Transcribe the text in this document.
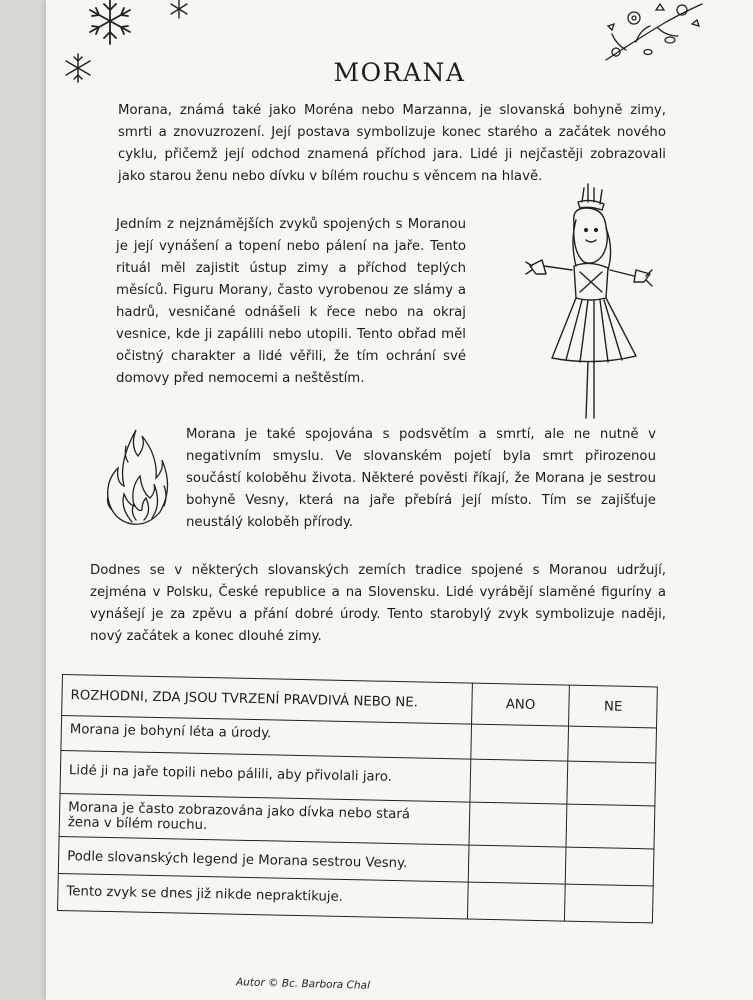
MORANA

Morana, známá také jako Moréna nebo Marzanna, je slovanská bohyně zimy, smrti a znovuzrození. Její postava symbolizuje konec starého a začátek nového cyklu, přičemž její odchod znamená příchod jara. Lidé ji nejčastěji zobrazovali jako starou ženu nebo dívku v bílém rouchu s věncem na hlavě.

Jedním z nejznámějších zvyků spojených s Moranou je její vynášení a topení nebo pálení na jaře. Tento rituál měl zajistit ústup zimy a příchod teplých měsíců. Figuru Morany, často vyrobenou ze slámy a hadrů, vesničané odnášeli k řece nebo na okraj vesnice, kde ji zapálili nebo utopili. Tento obřad měl očistný charakter a lidé věřili, že tím ochrání své domovy před nemocemi a neštěstím.

Morana je také spojována s podsvětím a smrtí, ale ne nutně v negativním smyslu. Ve slovanském pojetí byla smrt přirozenou součástí koloběhu života. Některé pověsti říkají, že Morana je sestrou bohyně Vesny, která na jaře přebírá její místo. Tím se zajišťuje neustálý koloběh přírody.

Dodnes se v některých slovanských zemích tradice spojené s Moranou udržují, zejména v Polsku, České republice a na Slovensku. Lidé vyrábějí slaměné figuríny a vynášejí je za zpěvu a přání dobré úrody. Tento starobylý zvyk symbolizuje naději, nový začátek a konec dlouhé zimy.

ROZHODNI, ZDA JSOU TVRZENÍ PRAVDIVÁ NEBO NE.	ANO	NE
Morana je bohyní léta a úrody.		
Lidé ji na jaře topili nebo pálili, aby přivolali jaro.		
Morana je často zobrazována jako dívka nebo stará žena v bílém rouchu.		
Podle slovanských legend je Morana sestrou Vesny.		
Tento zvyk se dnes již nikde nepraktikuje.		
Autor © Bc. Barbora Chal
